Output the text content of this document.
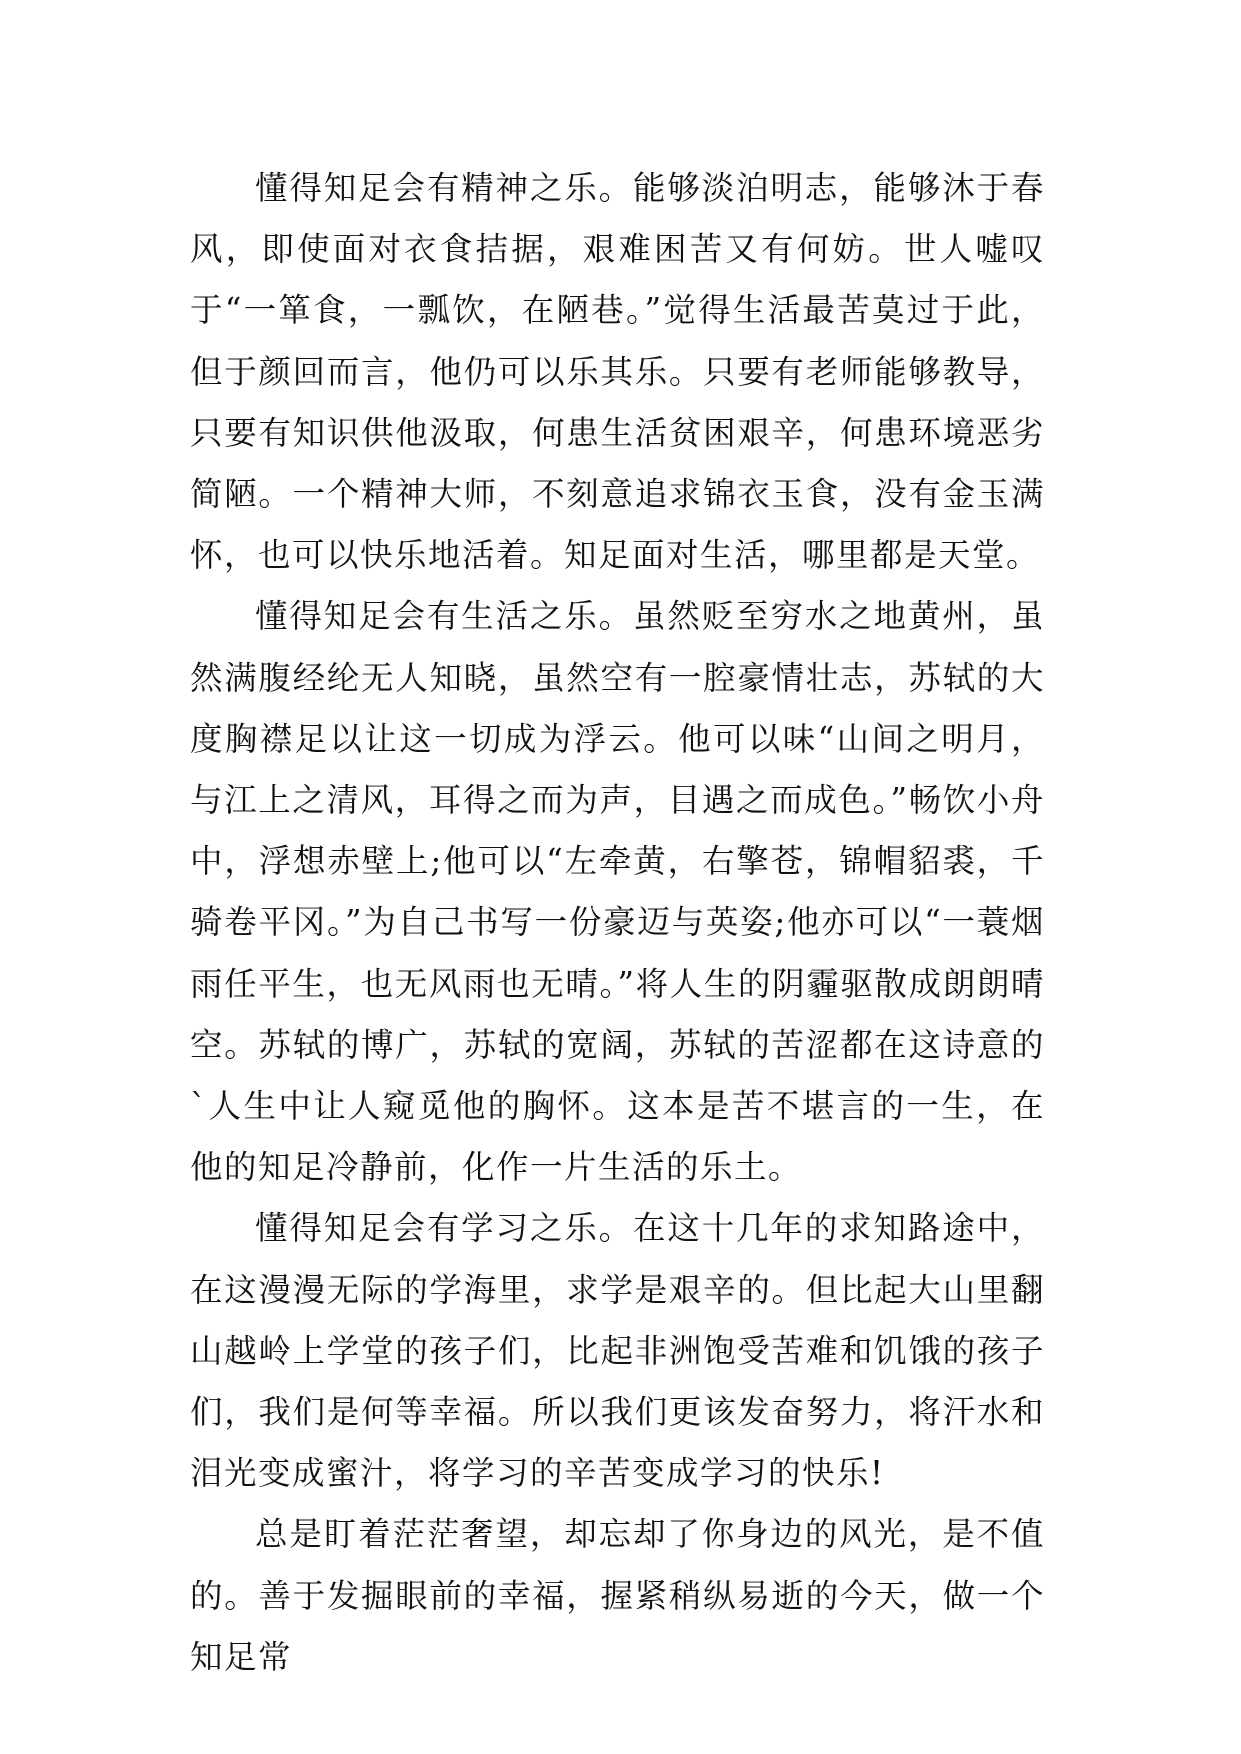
懂得知足会有精神之乐。能够淡泊明志，能够沐于春风，即使面对衣食拮据，艰难困苦又有何妨。世人嘘叹于“一箪食，一瓢饮，在陋巷。”觉得生活最苦莫过于此，但于颜回而言，他仍可以乐其乐。只要有老师能够教导，只要有知识供他汲取，何患生活贫困艰辛，何患环境恶劣简陋。一个精神大师，不刻意追求锦衣玉食，没有金玉满怀，也可以快乐地活着。知足面对生活，哪里都是天堂。

懂得知足会有生活之乐。虽然贬至穷水之地黄州，虽然满腹经纶无人知晓，虽然空有一腔豪情壮志，苏轼的大度胸襟足以让这一切成为浮云。他可以味“山间之明月，与江上之清风，耳得之而为声，目遇之而成色。”畅饮小舟中，浮想赤壁上;他可以“左牵黄，右擎苍，锦帽貂裘，千骑卷平冈。”为自己书写一份豪迈与英姿;他亦可以“一蓑烟雨任平生，也无风雨也无晴。”将人生的阴霾驱散成朗朗晴空。苏轼的博广，苏轼的宽阔，苏轼的苦涩都在这诗意的`人生中让人窥觅他的胸怀。这本是苦不堪言的一生，在他的知足冷静前，化作一片生活的乐土。

懂得知足会有学习之乐。在这十几年的求知路途中，在这漫漫无际的学海里，求学是艰辛的。但比起大山里翻山越岭上学堂的孩子们，比起非洲饱受苦难和饥饿的孩子们，我们是何等幸福。所以我们更该发奋努力，将汗水和泪光变成蜜汁，将学习的辛苦变成学习的快乐!

总是盯着茫茫奢望，却忘却了你身边的风光，是不值的。善于发掘眼前的幸福，握紧稍纵易逝的今天，做一个知足常
